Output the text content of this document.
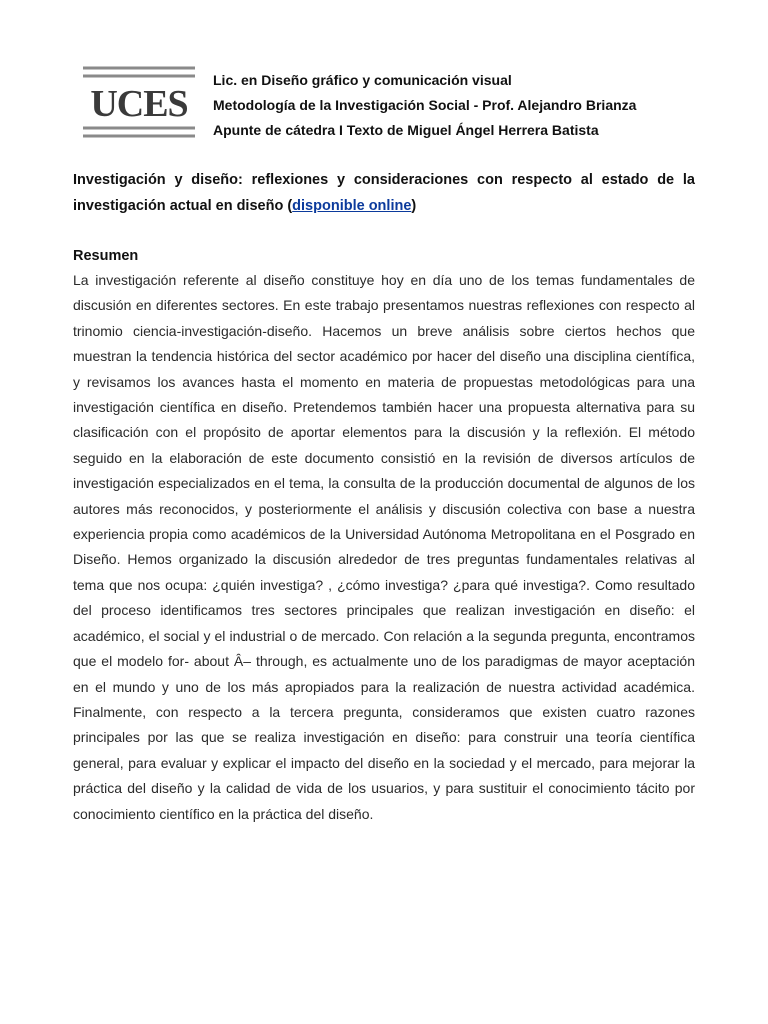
UCES
Lic. en Diseño gráfico y comunicación visual
Metodología de la Investigación Social - Prof. Alejandro Brianza
Apunte de cátedra I Texto de Miguel Ángel Herrera Batista
Investigación y diseño: reflexiones y consideraciones con respecto al estado de la investigación actual en diseño (disponible online)
Resumen

La investigación referente al diseño constituye hoy en día uno de los temas fundamentales de discusión en diferentes sectores. En este trabajo presentamos nuestras reflexiones con respecto al trinomio ciencia-investigación-diseño. Hacemos un breve análisis sobre ciertos hechos que muestran la tendencia histórica del sector académico por hacer del diseño una disciplina científica, y revisamos los avances hasta el momento en materia de propuestas metodológicas para una investigación científica en diseño. Pretendemos también hacer una propuesta alternativa para su clasificación con el propósito de aportar elementos para la discusión y la reflexión. El método seguido en la elaboración de este documento consistió en la revisión de diversos artículos de investigación especializados en el tema, la consulta de la producción documental de algunos de los autores más reconocidos, y posteriormente el análisis y discusión colectiva con base a nuestra experiencia propia como académicos de la Universidad Autónoma Metropolitana en el Posgrado en Diseño. Hemos organizado la discusión alrededor de tres preguntas fundamentales relativas al tema que nos ocupa: ¿quién investiga? , ¿cómo investiga? ¿para qué investiga?. Como resultado del proceso identificamos tres sectores principales que realizan investigación en diseño: el académico, el social y el industrial o de mercado. Con relación a la segunda pregunta, encontramos que el modelo for- about Â– through, es actualmente uno de los paradigmas de mayor aceptación en el mundo y uno de los más apropiados para la realización de nuestra actividad académica. Finalmente, con respecto a la tercera pregunta, consideramos que existen cuatro razones principales por las que se realiza investigación en diseño: para construir una teoría científica general, para evaluar y explicar el impacto del diseño en la sociedad y el mercado, para mejorar la práctica del diseño y la calidad de vida de los usuarios, y para sustituir el conocimiento tácito por conocimiento científico en la práctica del diseño.
